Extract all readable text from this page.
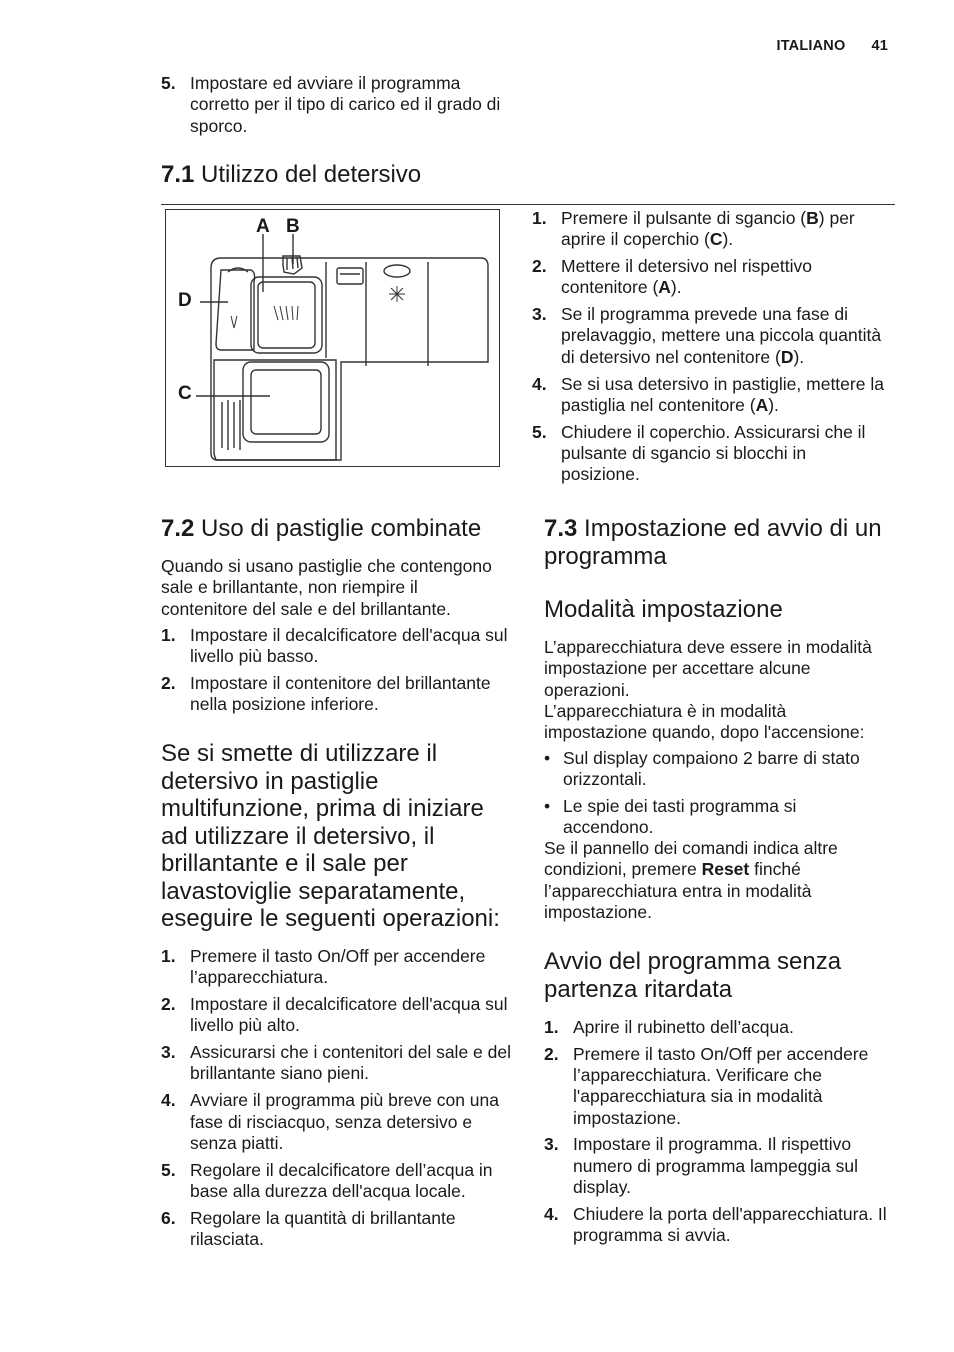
ITALIANO 41
5. Impostare ed avviare il programma corretto per il tipo di carico ed il grado di sporco.
7.1 Utilizzo del detersivo
A B
D
C
1. Premere il pulsante di sgancio (B) per aprire il coperchio (C).
2. Mettere il detersivo nel rispettivo contenitore (A).
3. Se il programma prevede una fase di prelavaggio, mettere una piccola quantità di detersivo nel contenitore (D).
4. Se si usa detersivo in pastiglie, mettere la pastiglia nel contenitore (A).
5. Chiudere il coperchio. Assicurarsi che il pulsante di sgancio si blocchi in posizione.
7.2 Uso di pastiglie combinate

Quando si usano pastiglie che contengono sale e brillantante, non riempire il contenitore del sale e del brillantante.

1. Impostare il decalcificatore dell'acqua sul livello più basso.
2. Impostare il contenitore del brillantante nella posizione inferiore.
Se si smette di utilizzare il detersivo in pastiglie multifunzione, prima di iniziare ad utilizzare il detersivo, il brillantante e il sale per lavastoviglie separatamente, eseguire le seguenti operazioni:
1. Premere il tasto On/Off per accendere l’apparecchiatura.
2. Impostare il decalcificatore dell'acqua sul livello più alto.
3. Assicurarsi che i contenitori del sale e del brillantante siano pieni.
4. Avviare il programma più breve con una fase di risciacquo, senza detersivo e senza piatti.
5. Regolare il decalcificatore dell’acqua in base alla durezza dell'acqua locale.
6. Regolare la quantità di brillantante rilasciata.
7.3 Impostazione ed avvio di un programma
Modalità impostazione

L’apparecchiatura deve essere in modalità impostazione per accettare alcune operazioni.

L’apparecchiatura è in modalità impostazione quando, dopo l'accensione:

• Sul display compaiono 2 barre di stato orizzontali.
• Le spie dei tasti programma si accendono.

Se il pannello dei comandi indica altre condizioni, premere Reset finché l’apparecchiatura entra in modalità impostazione.

Avvio del programma senza partenza ritardata
1. Aprire il rubinetto dell’acqua.
2. Premere il tasto On/Off per accendere l’apparecchiatura. Verificare che l'apparecchiatura sia in modalità impostazione.
3. Impostare il programma. Il rispettivo numero di programma lampeggia sul display.
4. Chiudere la porta dell'apparecchiatura. Il programma si avvia.
